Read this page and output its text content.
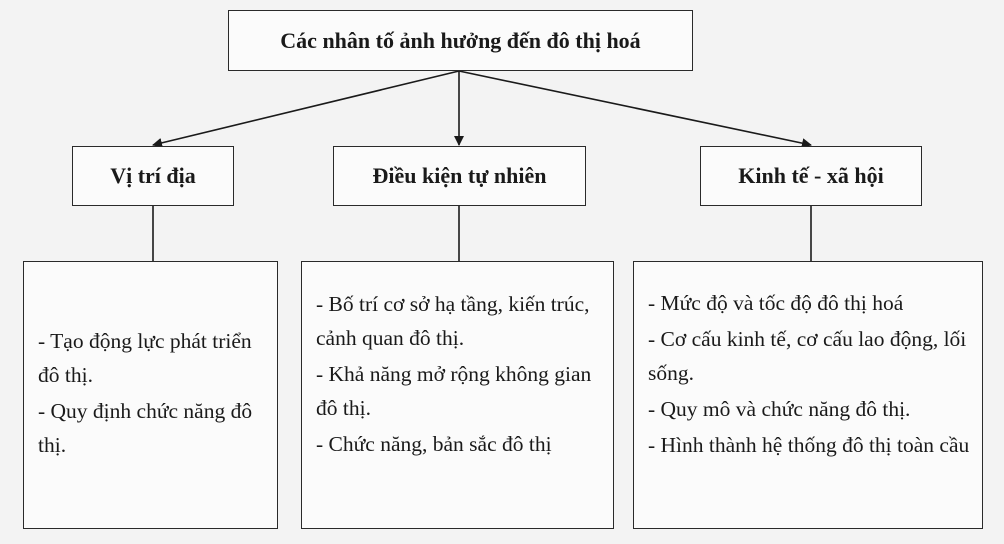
Các nhân tố ảnh hưởng đến đô thị hoá
Vị trí địa	Điều kiện tự nhiên	Kinh tế - xã hội

- Tạo động lực phát triển đô thị.

- Quy định chức năng đô thị.

- Bố trí cơ sở hạ tầng, kiến trúc, cảnh quan đô thị.

- Khả năng mở rộng không gian đô thị.

- Chức năng, bản sắc đô thị

- Mức độ và tốc độ đô thị hoá

- Cơ cấu kinh tế, cơ cấu lao động, lối sống.

- Quy mô và chức năng đô thị.

- Hình thành hệ thống đô thị toàn cầu
